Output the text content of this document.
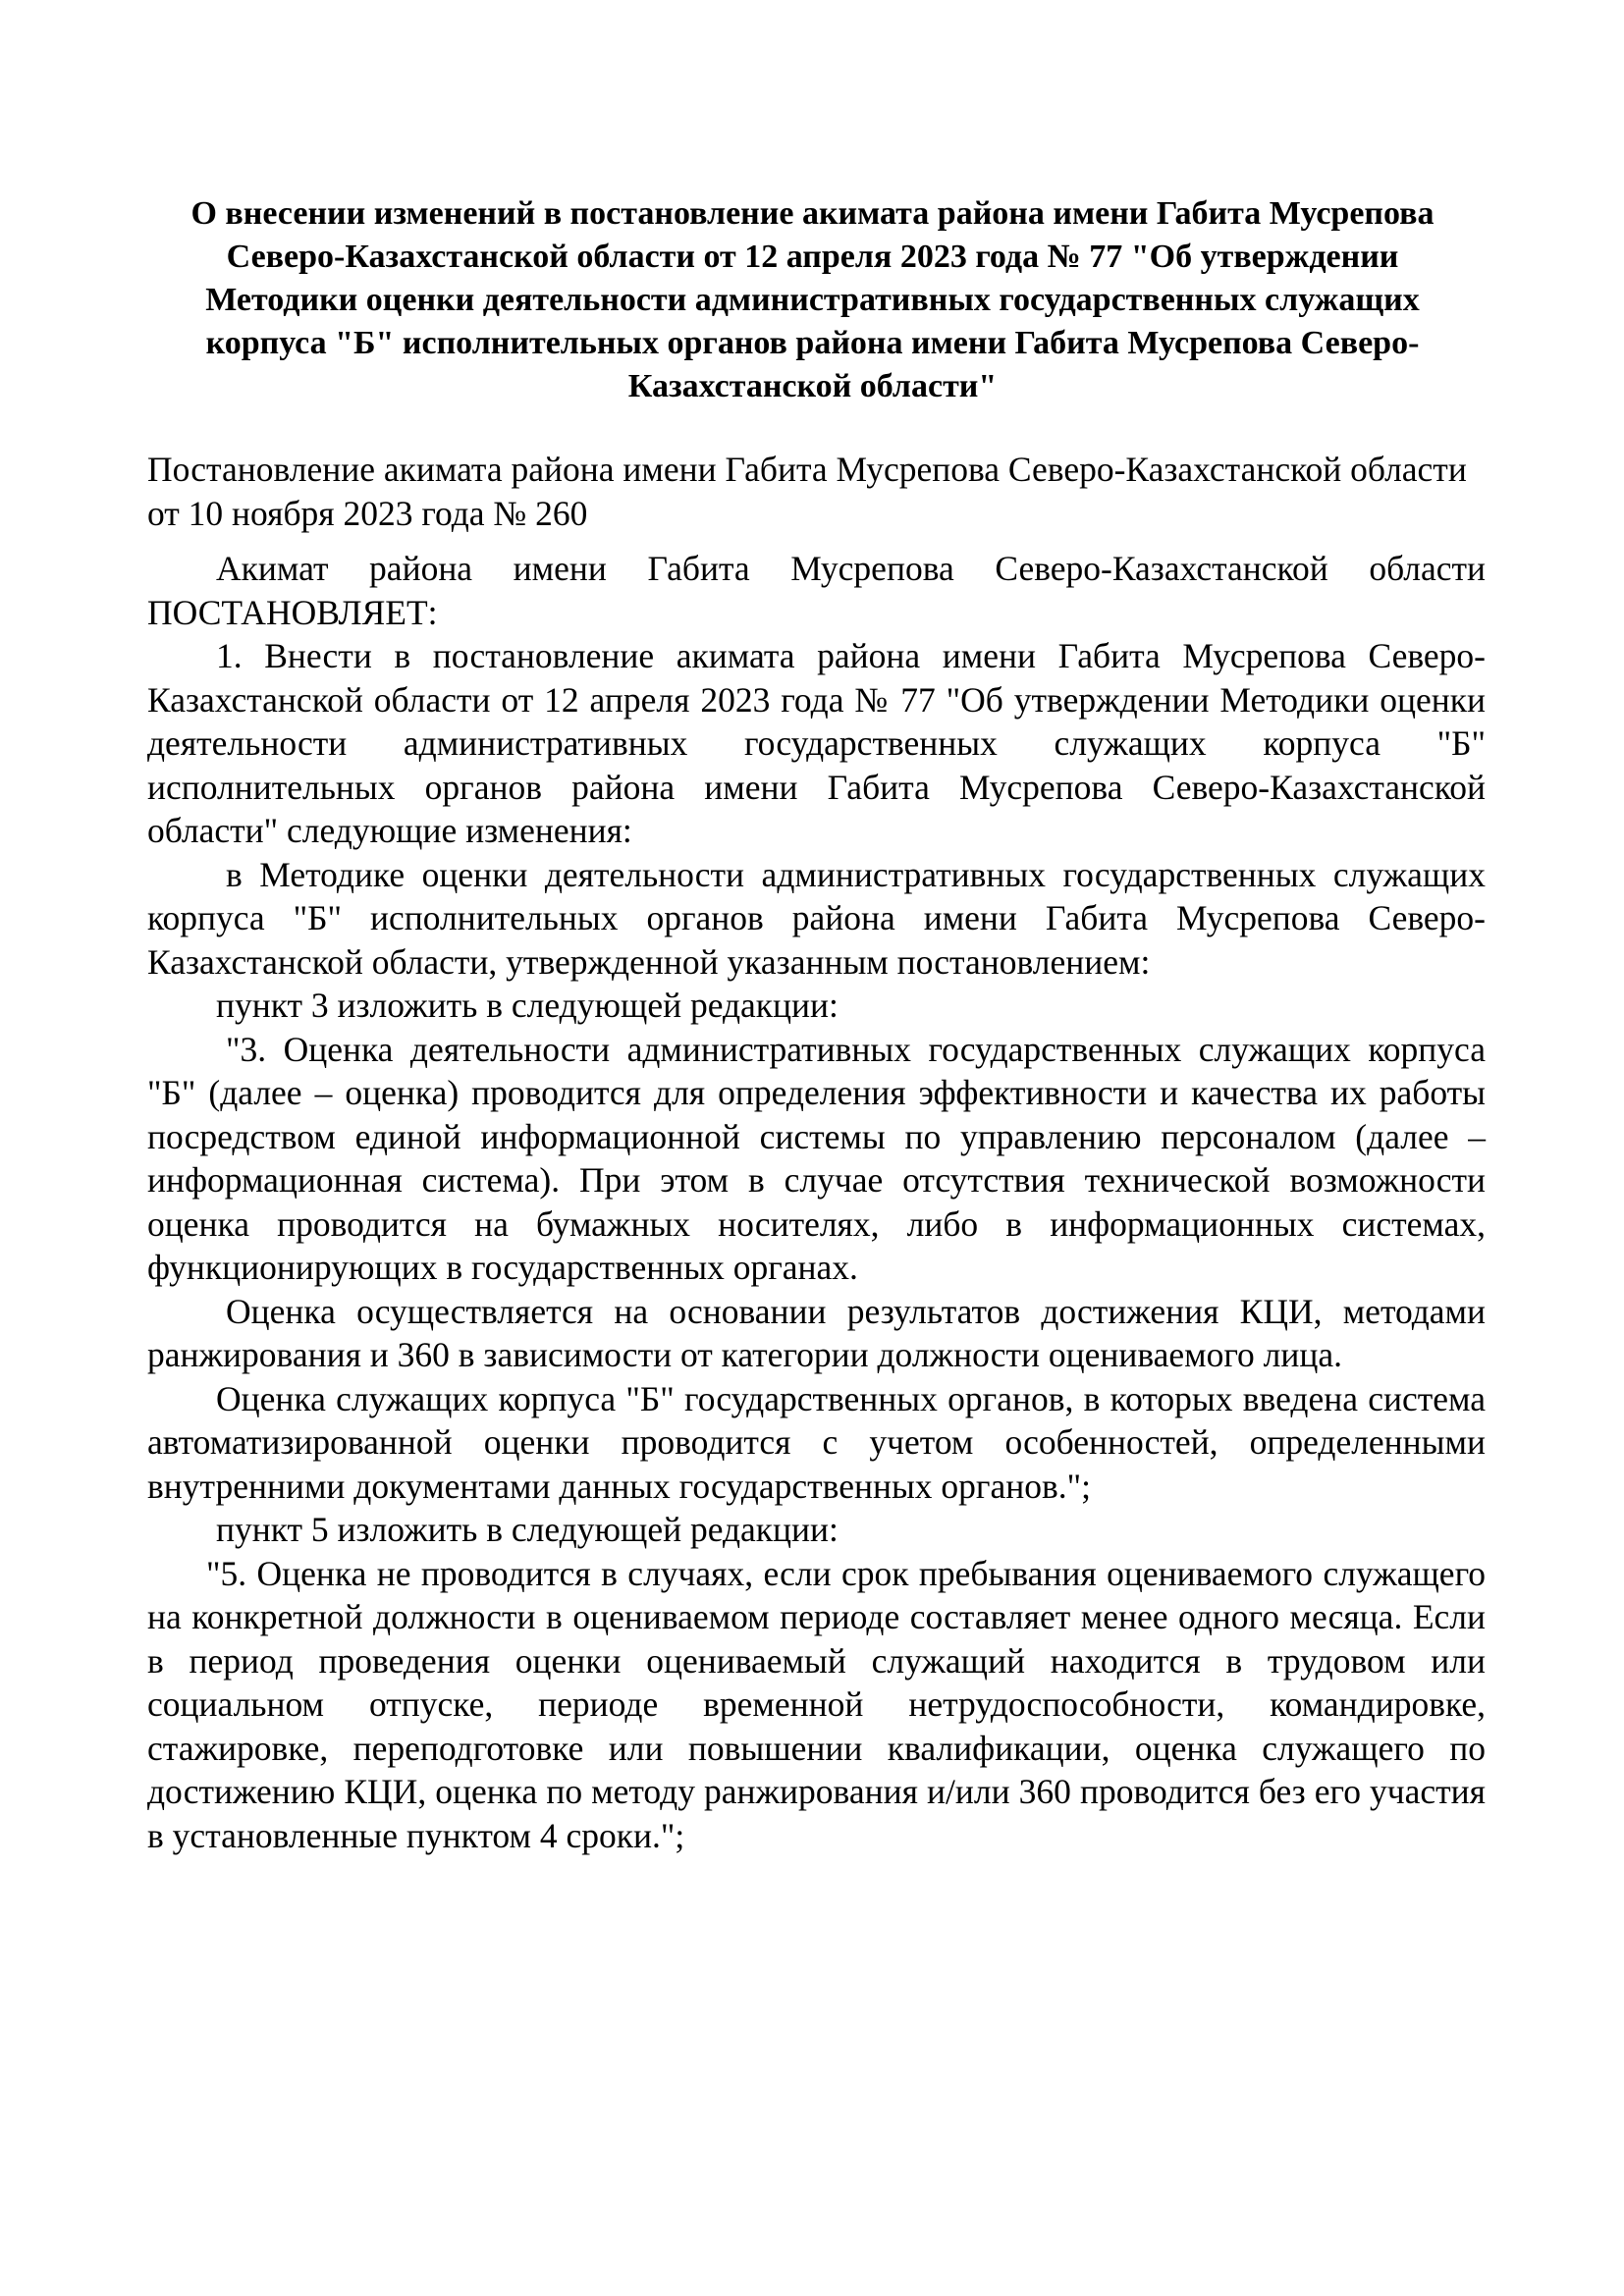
О внесении изменений в постановление акимата района имени Габита Мусрепова Северо-Казахстанской области от 12 апреля 2023 года № 77 "Об утверждении Методики оценки деятельности административных государственных служащих корпуса "Б" исполнительных органов района имени Габита Мусрепова Северо-Казахстанской области"

Постановление акимата района имени Габита Мусрепова Северо-Казахстанской области от 10 ноября 2023 года № 260

Акимат района имени Габита Мусрепова Северо-Казахстанской области ПОСТАНОВЛЯЕТ:

1. Внести в постановление акимата района имени Габита Мусрепова Северо-Казахстанской области от 12 апреля 2023 года № 77 "Об утверждении Методики оценки деятельности административных государственных служащих корпуса "Б" исполнительных органов района имени Габита Мусрепова Северо-Казахстанской области" следующие изменения:

в Методике оценки деятельности административных государственных служащих корпуса "Б" исполнительных органов района имени Габита Мусрепова Северо-Казахстанской области, утвержденной указанным постановлением:

пункт 3 изложить в следующей редакции:

"3. Оценка деятельности административных государственных служащих корпуса "Б" (далее – оценка) проводится для определения эффективности и качества их работы посредством единой информационной системы по управлению персоналом (далее – информационная система). При этом в случае отсутствия технической возможности оценка проводится на бумажных носителях, либо в информационных системах, функционирующих в государственных органах.

Оценка осуществляется на основании результатов достижения КЦИ, методами ранжирования и 360 в зависимости от категории должности оцениваемого лица.

Оценка служащих корпуса "Б" государственных органов, в которых введена система автоматизированной оценки проводится с учетом особенностей, определенными внутренними документами данных государственных органов.";

пункт 5 изложить в следующей редакции:

"5. Оценка не проводится в случаях, если срок пребывания оцениваемого служащего на конкретной должности в оцениваемом периоде составляет менее одного месяца. Если в период проведения оценки оцениваемый служащий находится в трудовом или социальном отпуске, периоде временной нетрудоспособности, командировке, стажировке, переподготовке или повышении квалификации, оценка служащего по достижению КЦИ, оценка по методу ранжирования и/или 360 проводится без его участия в установленные пунктом 4 сроки.";
